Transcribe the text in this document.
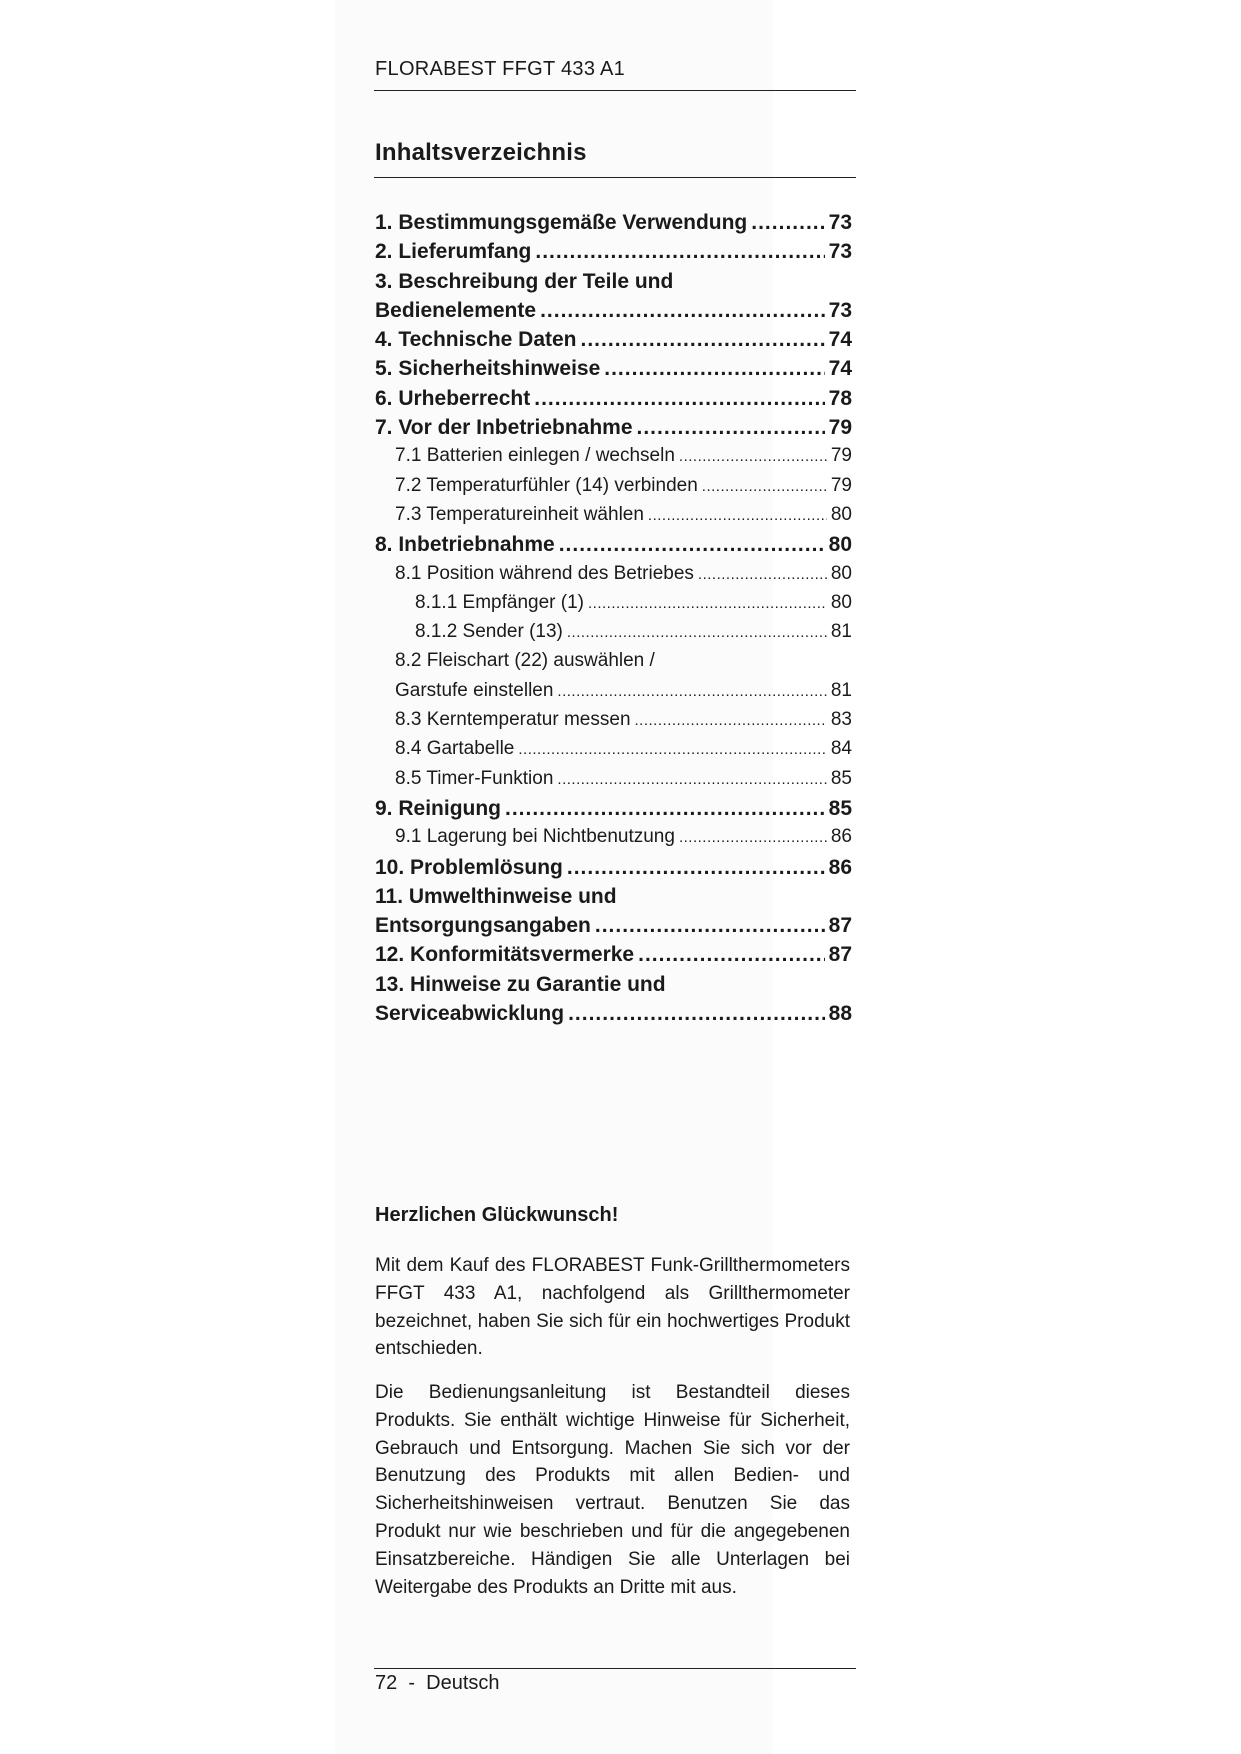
FLORABEST FFGT 433 A1
Inhaltsverzeichnis
1. Bestimmungsgemäße Verwendung .....	73
2. Lieferumfang .....	73
3. Beschreibung der Teile und
Bedienelemente .....	73
4. Technische Daten .....	74
5. Sicherheitshinweise .....	74
6. Urheberrecht .....	78
7. Vor der Inbetriebnahme .....	79
7.1 Batterien einlegen / wechseln .....	79
7.2 Temperaturfühler (14) verbinden .....	79
7.3 Temperatureinheit wählen .....	80
8. Inbetriebnahme .....	80
8.1 Position während des Betriebes .....	80
8.1.1 Empfänger (1) .....	80
8.1.2 Sender (13) .....	81
8.2 Fleischart (22) auswählen /
Garstufe einstellen .....	81
8.3 Kerntemperatur messen .....	83
8.4 Gartabelle .....	84
8.5 Timer-Funktion .....	85
9. Reinigung .....	85
9.1 Lagerung bei Nichtbenutzung .....	86
10. Problemlösung .....	86
11. Umwelthinweise und
Entsorgungsangaben .....	87
12. Konformitätsvermerke .....	87
13. Hinweise zu Garantie und
Serviceabwicklung .....	88
Herzlichen Glückwunsch!

Mit dem Kauf des FLORABEST Funk-Grillthermometers FFGT 433 A1, nachfolgend als Grillthermometer bezeichnet, haben Sie sich für ein hochwertiges Produkt entschieden.

Die Bedienungsanleitung ist Bestandteil dieses Produkts. Sie enthält wichtige Hinweise für Sicherheit, Gebrauch und Entsorgung. Machen Sie sich vor der Benutzung des Produkts mit allen Bedien- und Sicherheitshinweisen vertraut. Benutzen Sie das Produkt nur wie beschrieben und für die angegebenen Einsatzbereiche. Händigen Sie alle Unterlagen bei Weitergabe des Produkts an Dritte mit aus.

72  -  Deutsch
